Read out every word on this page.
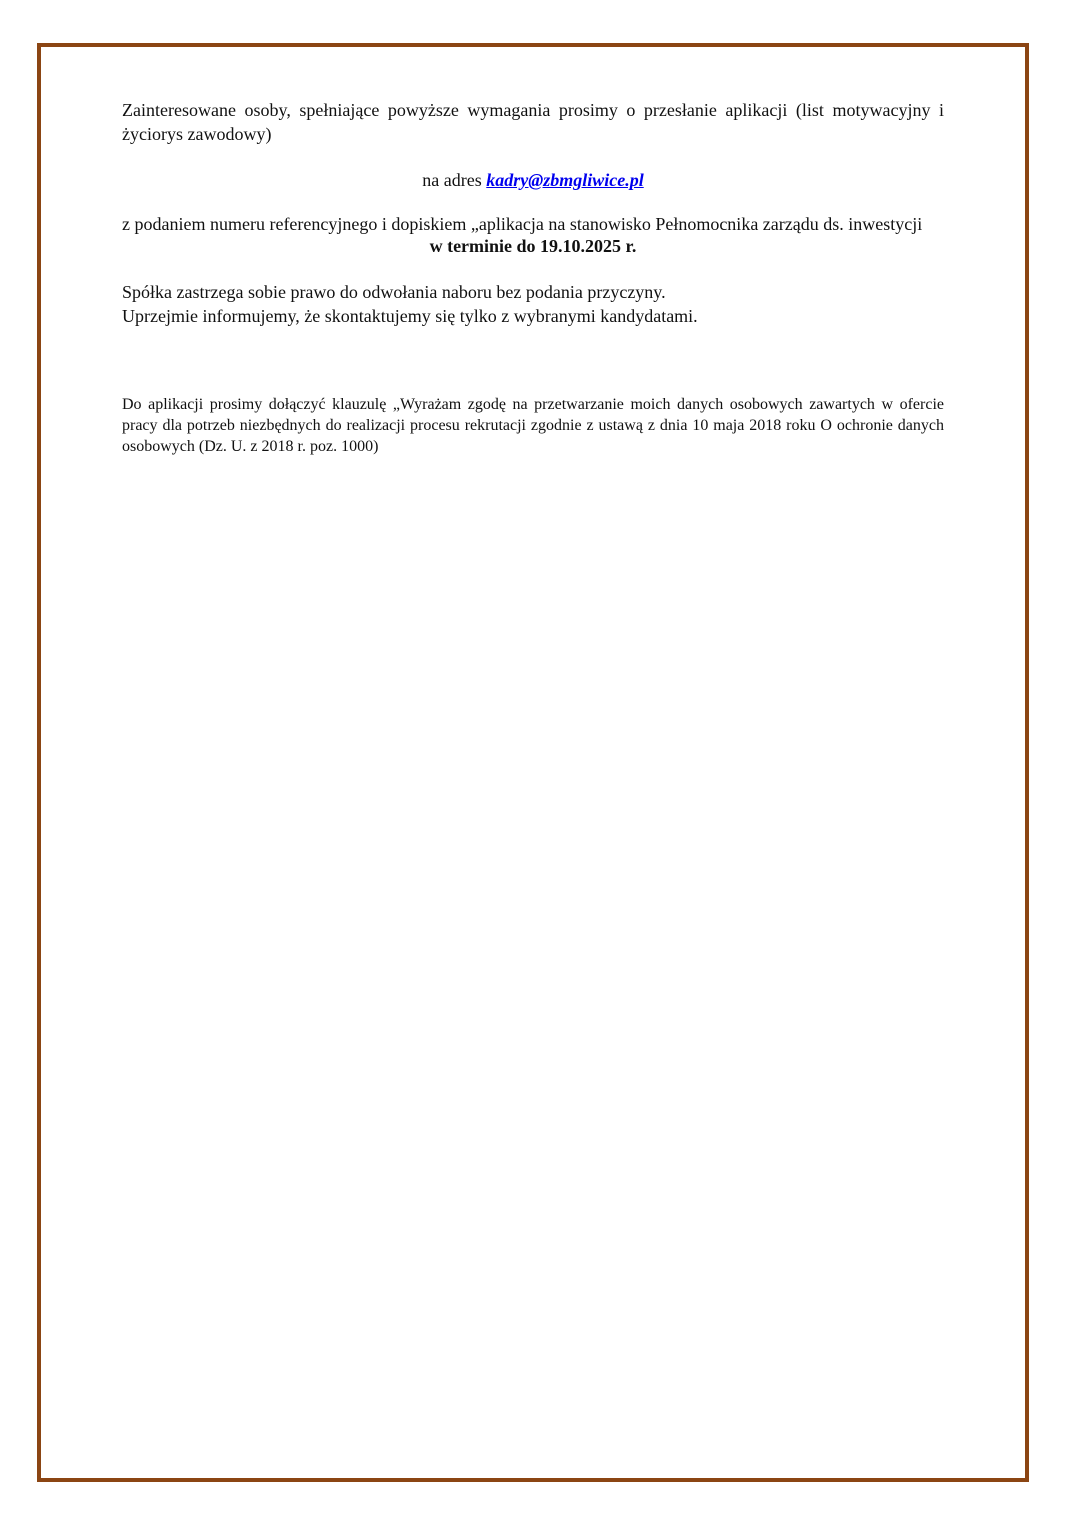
Zainteresowane osoby, spełniające powyższe wymagania prosimy o przesłanie aplikacji (list motywacyjny i życiorys zawodowy)

na adres kadry@zbmgliwice.pl

z podaniem numeru referencyjnego i dopiskiem „aplikacja na stanowisko Pełnomocnika zarządu ds. inwestycji

w terminie do 19.10.2025 r.

Spółka zastrzega sobie prawo do odwołania naboru bez podania przyczyny.

Uprzejmie informujemy, że skontaktujemy się tylko z wybranymi kandydatami.

Do aplikacji prosimy dołączyć klauzulę „Wyrażam zgodę na przetwarzanie moich danych osobowych zawartych w ofercie pracy dla potrzeb niezbędnych do realizacji procesu rekrutacji zgodnie z ustawą z dnia 10 maja 2018 roku O ochronie danych osobowych (Dz. U. z 2018 r. poz. 1000)
